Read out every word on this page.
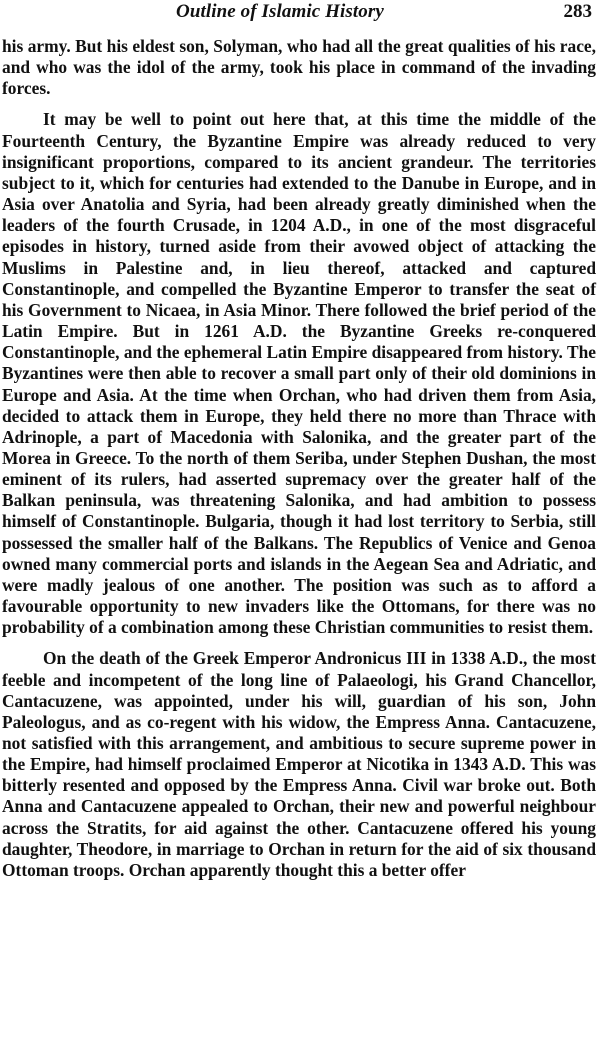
Outline of Islamic History	283

his army. But his eldest son, Solyman, who had all the great qualities of his race, and who was the idol of the army, took his place in command of the invading forces.

It may be well to point out here that, at this time the middle of the Fourteenth Century, the Byzantine Empire was already reduced to very insignificant proportions, compared to its ancient grandeur. The territories subject to it, which for centuries had extended to the Danube in Europe, and in Asia over Anatolia and Syria, had been already greatly diminished when the leaders of the fourth Crusade, in 1204 A.D., in one of the most disgraceful episodes in history, turned aside from their avowed object of attacking the Muslims in Palestine and, in lieu thereof, attacked and captured Constantinople, and compelled the Byzantine Emperor to transfer the seat of his Government to Nicaea, in Asia Minor. There followed the brief period of the Latin Empire. But in 1261 A.D. the Byzantine Greeks re-conquered Constantinople, and the ephemeral Latin Empire disappeared from history. The Byzantines were then able to recover a small part only of their old dominions in Europe and Asia. At the time when Orchan, who had driven them from Asia, decided to attack them in Europe, they held there no more than Thrace with Adrinople, a part of Macedonia with Salonika, and the greater part of the Morea in Greece. To the north of them Seriba, under Stephen Dushan, the most eminent of its rulers, had asserted supremacy over the greater half of the Balkan peninsula, was threatening Salonika, and had ambition to possess himself of Constantinople. Bulgaria, though it had lost territory to Serbia, still possessed the smaller half of the Balkans. The Republics of Venice and Genoa owned many commercial ports and islands in the Aegean Sea and Adriatic, and were madly jealous of one another. The position was such as to afford a favourable opportunity to new invaders like the Ottomans, for there was no probability of a combination among these Christian communities to resist them.

On the death of the Greek Emperor Andronicus III in 1338 A.D., the most feeble and incompetent of the long line of Palaeologi, his Grand Chancellor, Cantacuzene, was appointed, under his will, guardian of his son, John Paleologus, and as co-regent with his widow, the Empress Anna. Cantacuzene, not satisfied with this arrangement, and ambitious to secure supreme power in the Empire, had himself proclaimed Emperor at Nicotika in 1343 A.D. This was bitterly resented and opposed by the Empress Anna. Civil war broke out. Both Anna and Cantacuzene appealed to Orchan, their new and powerful neighbour across the Stratits, for aid against the other. Cantacuzene offered his young daughter, Theodore, in marriage to Orchan in return for the aid of six thousand Ottoman troops. Orchan apparently thought this a better offer
